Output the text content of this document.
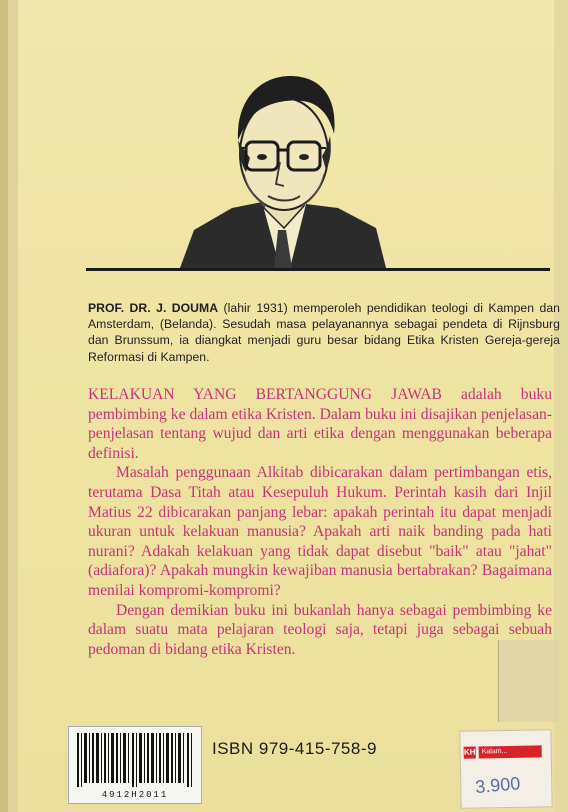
PROF. DR. J. DOUMA (lahir 1931) memperoleh pendidikan teologi di Kampen dan Amsterdam, (Belanda). Sesudah masa pelayanannya sebagai pendeta di Rijnsburg dan Brunssum, ia diangkat menjadi guru besar bidang Etika Kristen Gereja-gereja Reformasi di Kampen.

KELAKUAN YANG BERTANGGUNG JAWAB adalah buku pembimbing ke dalam etika Kristen. Dalam buku ini disajikan penjelasan-penjelasan tentang wujud dan arti etika dengan menggunakan beberapa definisi.

Masalah penggunaan Alkitab dibicarakan dalam pertimbangan etis, terutama Dasa Titah atau Kesepuluh Hukum. Perintah kasih dari Injil Matius 22 dibicarakan panjang lebar: apakah perintah itu dapat menjadi ukuran untuk kelakuan manusia? Apakah arti naik banding pada hati nurani? Adakah kelakuan yang tidak dapat disebut "baik" atau "jahat" (adiafora)? Apakah mungkin kewajiban manusia bertabrakan? Bagaimana menilai kompromi-kompromi?

Dengan demikian buku ini bukanlah hanya sebagai pembimbing ke dalam suatu mata pelajaran teologi saja, tetapi juga sebagai sebuah pedoman di bidang etika Kristen.

4912H2011
ISBN 979-415-758-9	KH Kalam...
3.900
